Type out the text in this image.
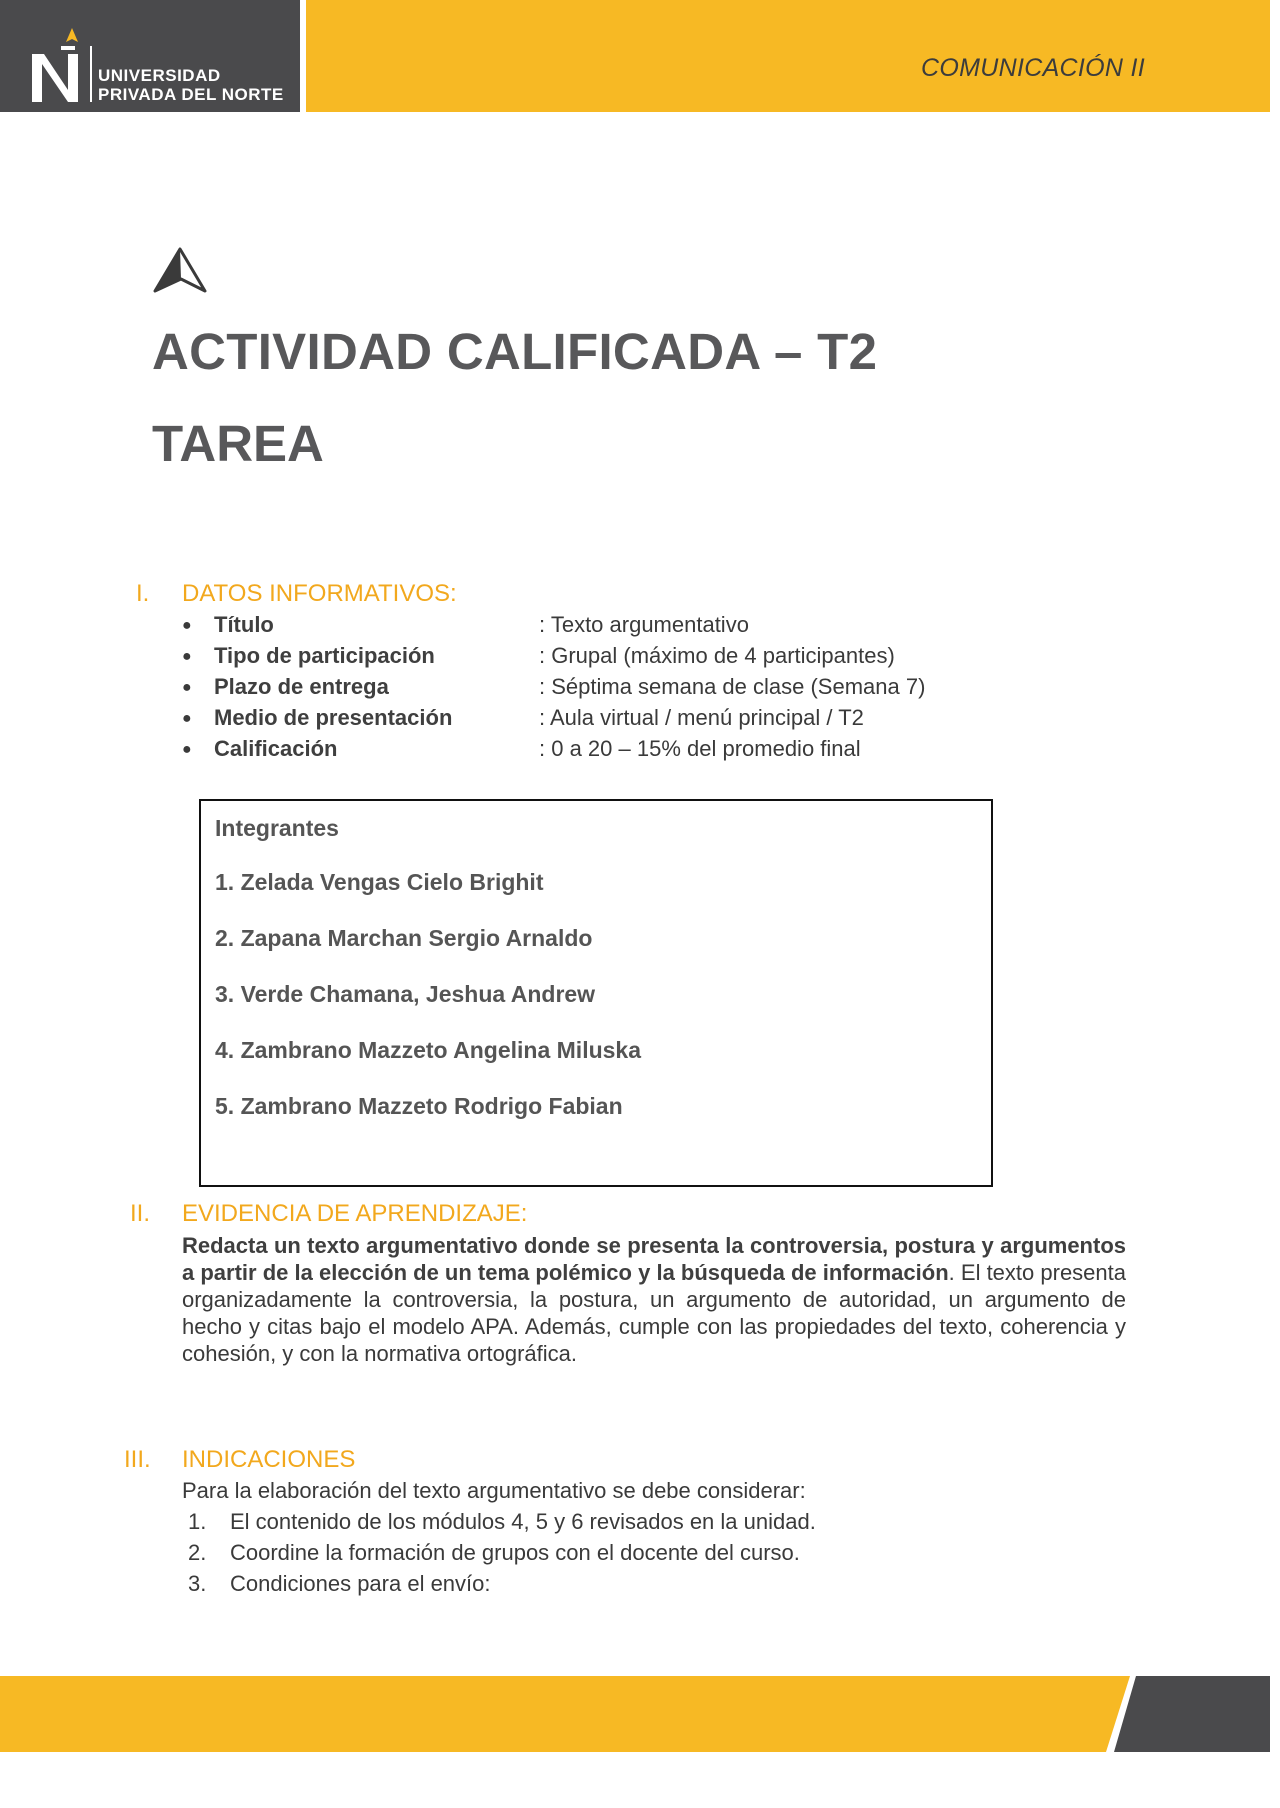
UNIVERSIDAD
PRIVADA DEL NORTE
COMUNICACIÓN II
ACTIVIDAD CALIFICADA – T2
TAREA
I. DATOS INFORMATIVOS:
● Título	: Texto argumentativo
● Tipo de participación	: Grupal (máximo de 4 participantes)
● Plazo de entrega	: Séptima semana de clase (Semana 7)
● Medio de presentación	: Aula virtual / menú principal / T2
● Calificación	: 0 a 20 – 15% del promedio final
Integrantes
1. Zelada Vengas Cielo Brighit
2. Zapana Marchan Sergio Arnaldo
3. Verde Chamana, Jeshua Andrew
4. Zambrano Mazzeto Angelina Miluska
5. Zambrano Mazzeto Rodrigo Fabian
II. EVIDENCIA DE APRENDIZAJE:
Redacta un texto argumentativo donde se presenta la controversia, postura y argumentos a partir de la elección de un tema polémico y la búsqueda de información. El texto presenta organizadamente la controversia, la postura, un argumento de autoridad, un argumento de hecho y citas bajo el modelo APA. Además, cumple con las propiedades del texto, coherencia y cohesión, y con la normativa ortográfica.
III. INDICACIONES
Para la elaboración del texto argumentativo se debe considerar:
1. El contenido de los módulos 4, 5 y 6 revisados en la unidad.
2. Coordine la formación de grupos con el docente del curso.
3. Condiciones para el envío:
